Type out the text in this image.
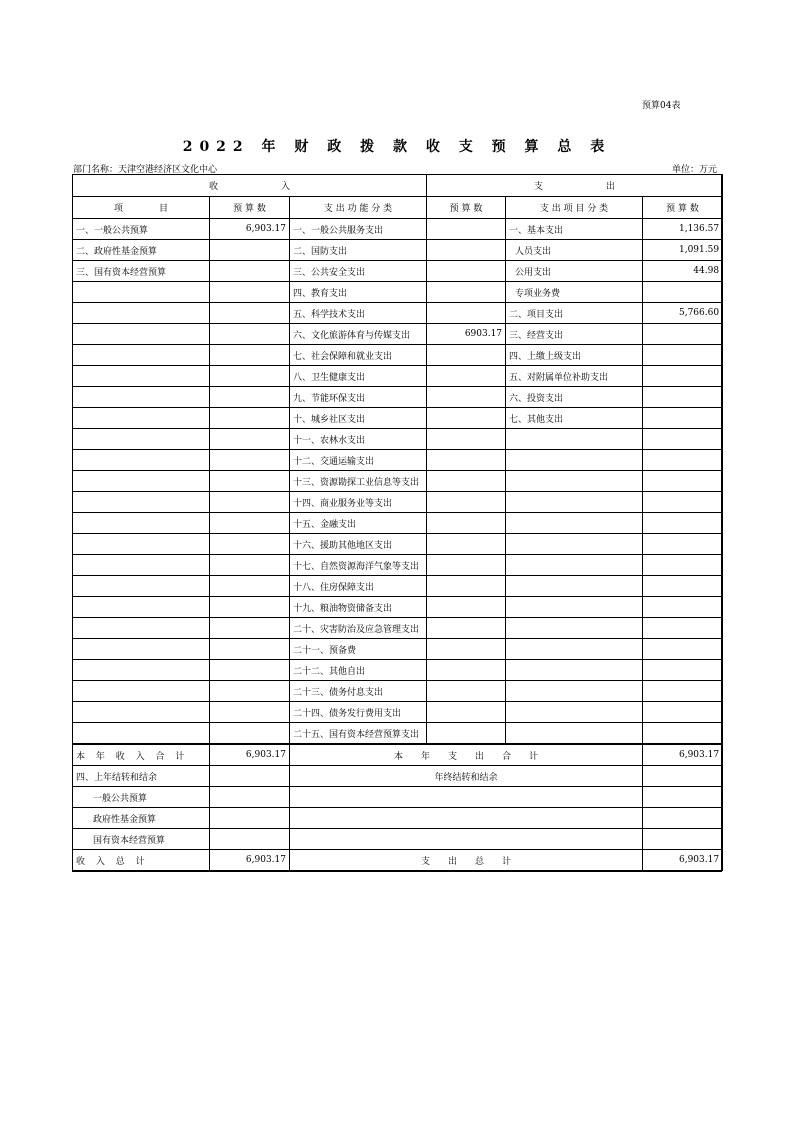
预算04表
2022 年 财 政 拨 款 收 支 预 算 总 表
部门名称：天津空港经济区文化中心	单位：万元
收　　　　　　　入			支　　　　　　　出		
项　　　　目	预 算 数	支 出 功 能 分 类	预 算 数	支 出 项 目 分 类	预 算 数
一、一般公共预算	6,903.17	一、一般公共服务支出		一、基本支出	1,136.57
二、政府性基金预算		二、国防支出		人员支出	1,091.59
三、国有资本经营预算		三、公共安全支出		公用支出	44.98
		四、教育支出		专项业务费	
		五、科学技术支出		二、项目支出	5,766.60
		六、文化旅游体育与传媒支出	6903.17	三、经营支出	
		七、社会保障和就业支出		四、上缴上级支出	
		八、卫生健康支出		五、对附属单位补助支出	
		九、节能环保支出		六、投资支出	
		十、城乡社区支出		七、其他支出	
		十一、农林水支出			
		十二、交通运输支出			
		十三、资源勘探工业信息等支出			
		十四、商业服务业等支出			
		十五、金融支出			
		十六、援助其他地区支出			
		十七、自然资源海洋气象等支出			
		十八、住房保障支出			
		十九、粮油物资储备支出			
		二十、灾害防治及应急管理支出			
		二十一、预备费			
		二十二、其他自出			
		二十三、债务付息支出			
		二十四、债务发行费用支出			
		二十五、国有资本经营预算支出			
本 年 收 入 合 计	6,903.17	本　　年　　支　　出　　合　　计			6,903.17
四、上年结转和结余		年终结转和结余			
一般公共预算					
政府性基金预算					
国有资本经营预算					
收 入 总 计	6,903.17	支　　出　　总　　计			6,903.17
